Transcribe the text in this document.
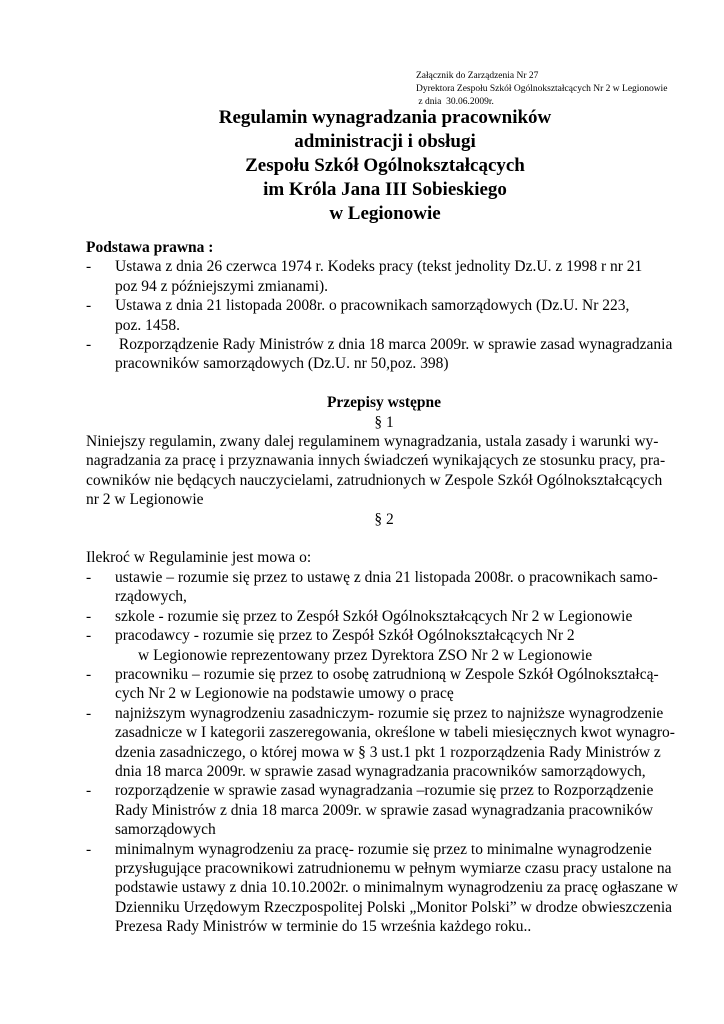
Załącznik do Zarządzenia Nr 27
Dyrektora Zespołu Szkół Ogólnokształcących Nr 2 w Legionowie
z dnia  30.06.2009r.
Regulamin wynagradzania pracowników
administracji i obsługi
Zespołu Szkół Ogólnokształcących
im Króla Jana III Sobieskiego
w Legionowie
Podstawa prawna :
- Ustawa z dnia 26 czerwca 1974 r. Kodeks pracy (tekst jednolity Dz.U. z 1998 r nr 21
poz 94 z późniejszymi zmianami).
- Ustawa z dnia 21 listopada 2008r. o pracownikach samorządowych (Dz.U. Nr 223,
poz. 1458.
- Rozporządzenie Rady Ministrów z dnia 18 marca 2009r. w sprawie zasad wynagradzania
pracowników samorządowych (Dz.U. nr 50,poz. 398)
Przepisy wstępne
§ 1
Niniejszy regulamin, zwany dalej regulaminem wynagradzania, ustala zasady i warunki wy-
nagradzania za pracę i przyznawania innych świadczeń wynikających ze stosunku pracy, pra-
cowników nie będących nauczycielami, zatrudnionych w Zespole Szkół Ogólnokształcących
nr 2 w Legionowie
§ 2
Ilekroć w Regulaminie jest mowa o:
- ustawie – rozumie się przez to ustawę z dnia 21 listopada 2008r. o pracownikach samo-
rządowych,
- szkole - rozumie się przez to Zespół Szkół Ogólnokształcących Nr 2 w Legionowie
- pracodawcy - rozumie się przez to Zespół Szkół Ogólnokształcących Nr 2
w Legionowie reprezentowany przez Dyrektora ZSO Nr 2 w Legionowie
- pracowniku – rozumie się przez to osobę zatrudnioną w Zespole Szkół Ogólnokształcą-
cych Nr 2 w Legionowie na podstawie umowy o pracę
- najniższym wynagrodzeniu zasadniczym- rozumie się przez to najniższe wynagrodzenie
zasadnicze w I kategorii zaszeregowania, określone w tabeli miesięcznych kwot wynagro-
dzenia zasadniczego, o której mowa w § 3 ust.1 pkt 1 rozporządzenia Rady Ministrów z
dnia 18 marca 2009r. w sprawie zasad wynagradzania pracowników samorządowych,
- rozporządzenie w sprawie zasad wynagradzania –rozumie się przez to Rozporządzenie
Rady Ministrów z dnia 18 marca 2009r. w sprawie zasad wynagradzania pracowników
samorządowych
- minimalnym wynagrodzeniu za pracę- rozumie się przez to minimalne wynagrodzenie
przysługujące pracownikowi zatrudnionemu w pełnym wymiarze czasu pracy ustalone na
podstawie ustawy z dnia 10.10.2002r. o minimalnym wynagrodzeniu za pracę ogłaszane w
Dzienniku Urzędowym Rzeczpospolitej Polski „Monitor Polski” w drodze obwieszczenia
Prezesa Rady Ministrów w terminie do 15 września każdego roku..
